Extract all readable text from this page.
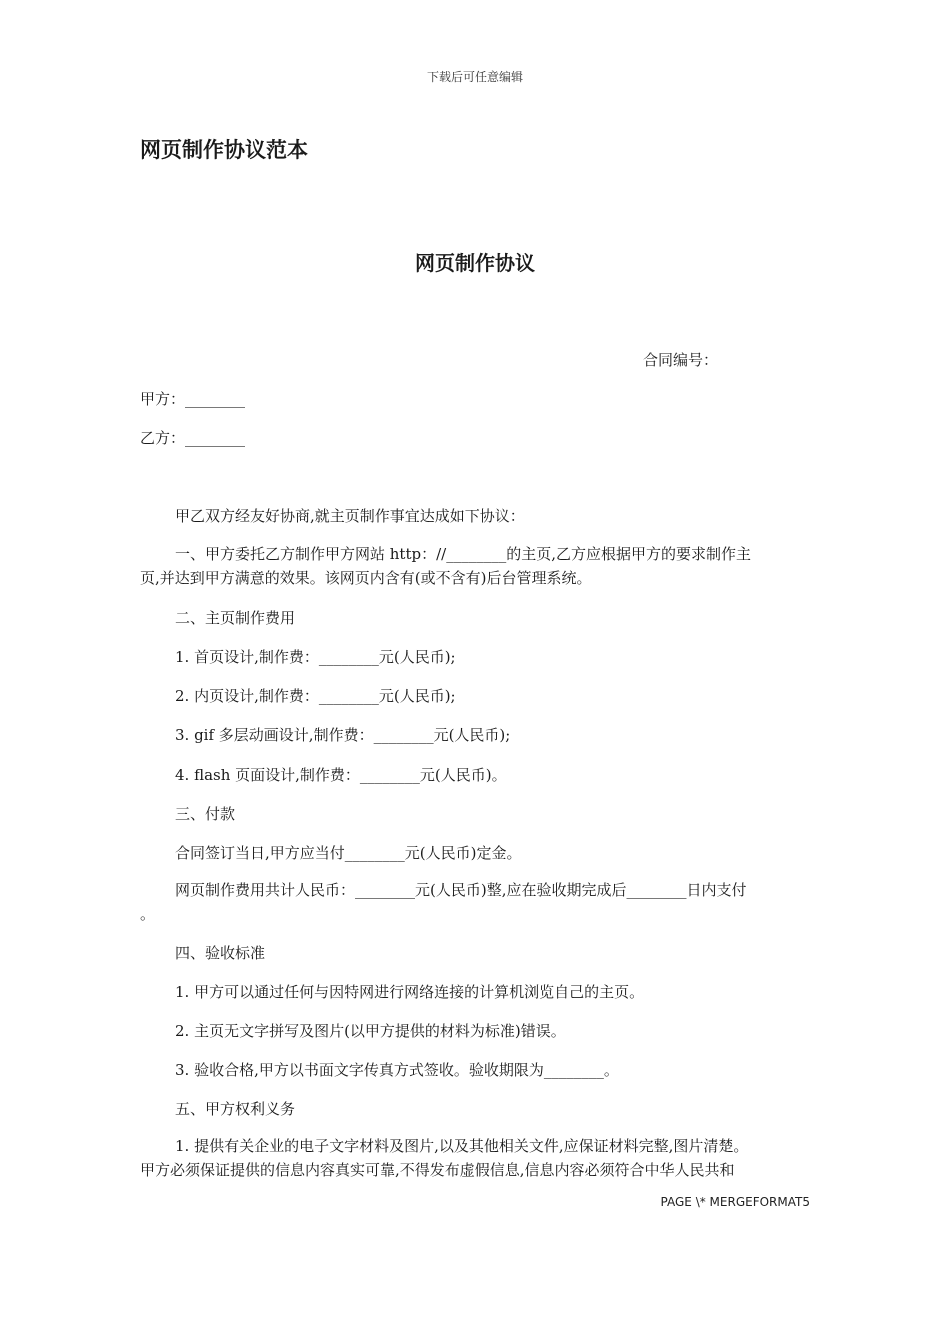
下载后可任意编辑
网页制作协议范本
网页制作协议
合同编号：
甲方：________
乙方：________
甲乙双方经友好协商,就主页制作事宜达成如下协议：
一、甲方委托乙方制作甲方网站 http：//________的主页,乙方应根据甲方的要求制作主
页,并达到甲方满意的效果。该网页内含有(或不含有)后台管理系统。
二、主页制作费用
1. 首页设计,制作费：________元(人民币);
2. 内页设计,制作费：________元(人民币);
3. gif 多层动画设计,制作费：________元(人民币);
4. flash 页面设计,制作费：________元(人民币)。
三、付款
合同签订当日,甲方应当付________元(人民币)定金。
网页制作费用共计人民币：________元(人民币)整,应在验收期完成后________日内支付
。
四、验收标准
1. 甲方可以通过任何与因特网进行网络连接的计算机浏览自己的主页。
2. 主页无文字拼写及图片(以甲方提供的材料为标准)错误。
3. 验收合格,甲方以书面文字传真方式签收。验收期限为________。
五、甲方权利义务
1. 提供有关企业的电子文字材料及图片,以及其他相关文件,应保证材料完整,图片清楚。
甲方必须保证提供的信息内容真实可靠,不得发布虚假信息,信息内容必须符合中华人民共和
PAGE \* MERGEFORMAT5
